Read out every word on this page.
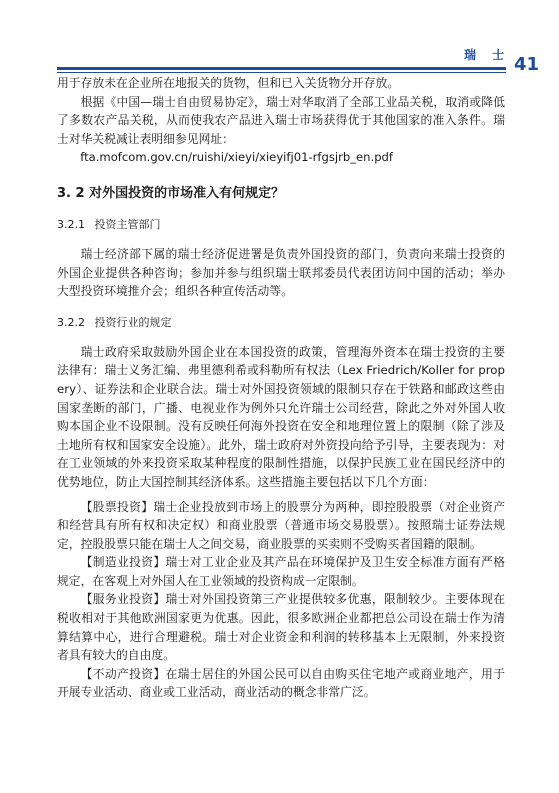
瑞 士 41

用于存放未在企业所在地报关的货物，但和已入关货物分开存放。

根据《中国—瑞士自由贸易协定》，瑞士对华取消了全部工业品关税，取消或降低了多数农产品关税，从而使我农产品进入瑞士市场获得优于其他国家的准入条件。瑞士对华关税减让表明细参见网址：

fta.mofcom.gov.cn/ruishi/xieyi/xieyifj01-rfgsjrb_en.pdf

3. 2 对外国投资的市场准入有何规定？
3.2.1 投资主管部门

瑞士经济部下属的瑞士经济促进署是负责外国投资的部门，负责向来瑞士投资的外国企业提供各种咨询；参加并参与组织瑞士联邦委员代表团访问中国的活动；举办大型投资环境推介会；组织各种宣传活动等。

3.2.2 投资行业的规定

瑞士政府采取鼓励外国企业在本国投资的政策，管理海外资本在瑞士投资的主要法律有：瑞士义务汇编、弗里德利希或科勒所有权法（Lex Friedrich/Koller for propery）、证券法和企业联合法。瑞士对外国投资领域的限制只存在于铁路和邮政这些由国家垄断的部门，广播、电视业作为例外只允许瑞士公司经营，除此之外对外国人收购本国企业不设限制。没有反映任何海外投资在安全和地理位置上的限制（除了涉及土地所有权和国家安全设施）。此外，瑞士政府对外资投向给予引导，主要表现为：对在工业领域的外来投资采取某种程度的限制性措施，以保护民族工业在国民经济中的优势地位，防止大国控制其经济体系。这些措施主要包括以下几个方面：

【股票投资】瑞士企业投放到市场上的股票分为两种，即控股股票（对企业资产和经营具有所有权和决定权）和商业股票（普通市场交易股票）。按照瑞士证券法规定，控股股票只能在瑞士人之间交易，商业股票的买卖则不受购买者国籍的限制。

【制造业投资】瑞士对工业企业及其产品在环境保护及卫生安全标准方面有严格规定，在客观上对外国人在工业领域的投资构成一定限制。

【服务业投资】瑞士对外国投资第三产业提供较多优惠，限制较少。主要体现在税收相对于其他欧洲国家更为优惠。因此，很多欧洲企业都把总公司设在瑞士作为清算结算中心，进行合理避税。瑞士对企业资金和利润的转移基本上无限制，外来投资者具有较大的自由度。

【不动产投资】在瑞士居住的外国公民可以自由购买住宅地产或商业地产，用于开展专业活动、商业或工业活动，商业活动的概念非常广泛。
